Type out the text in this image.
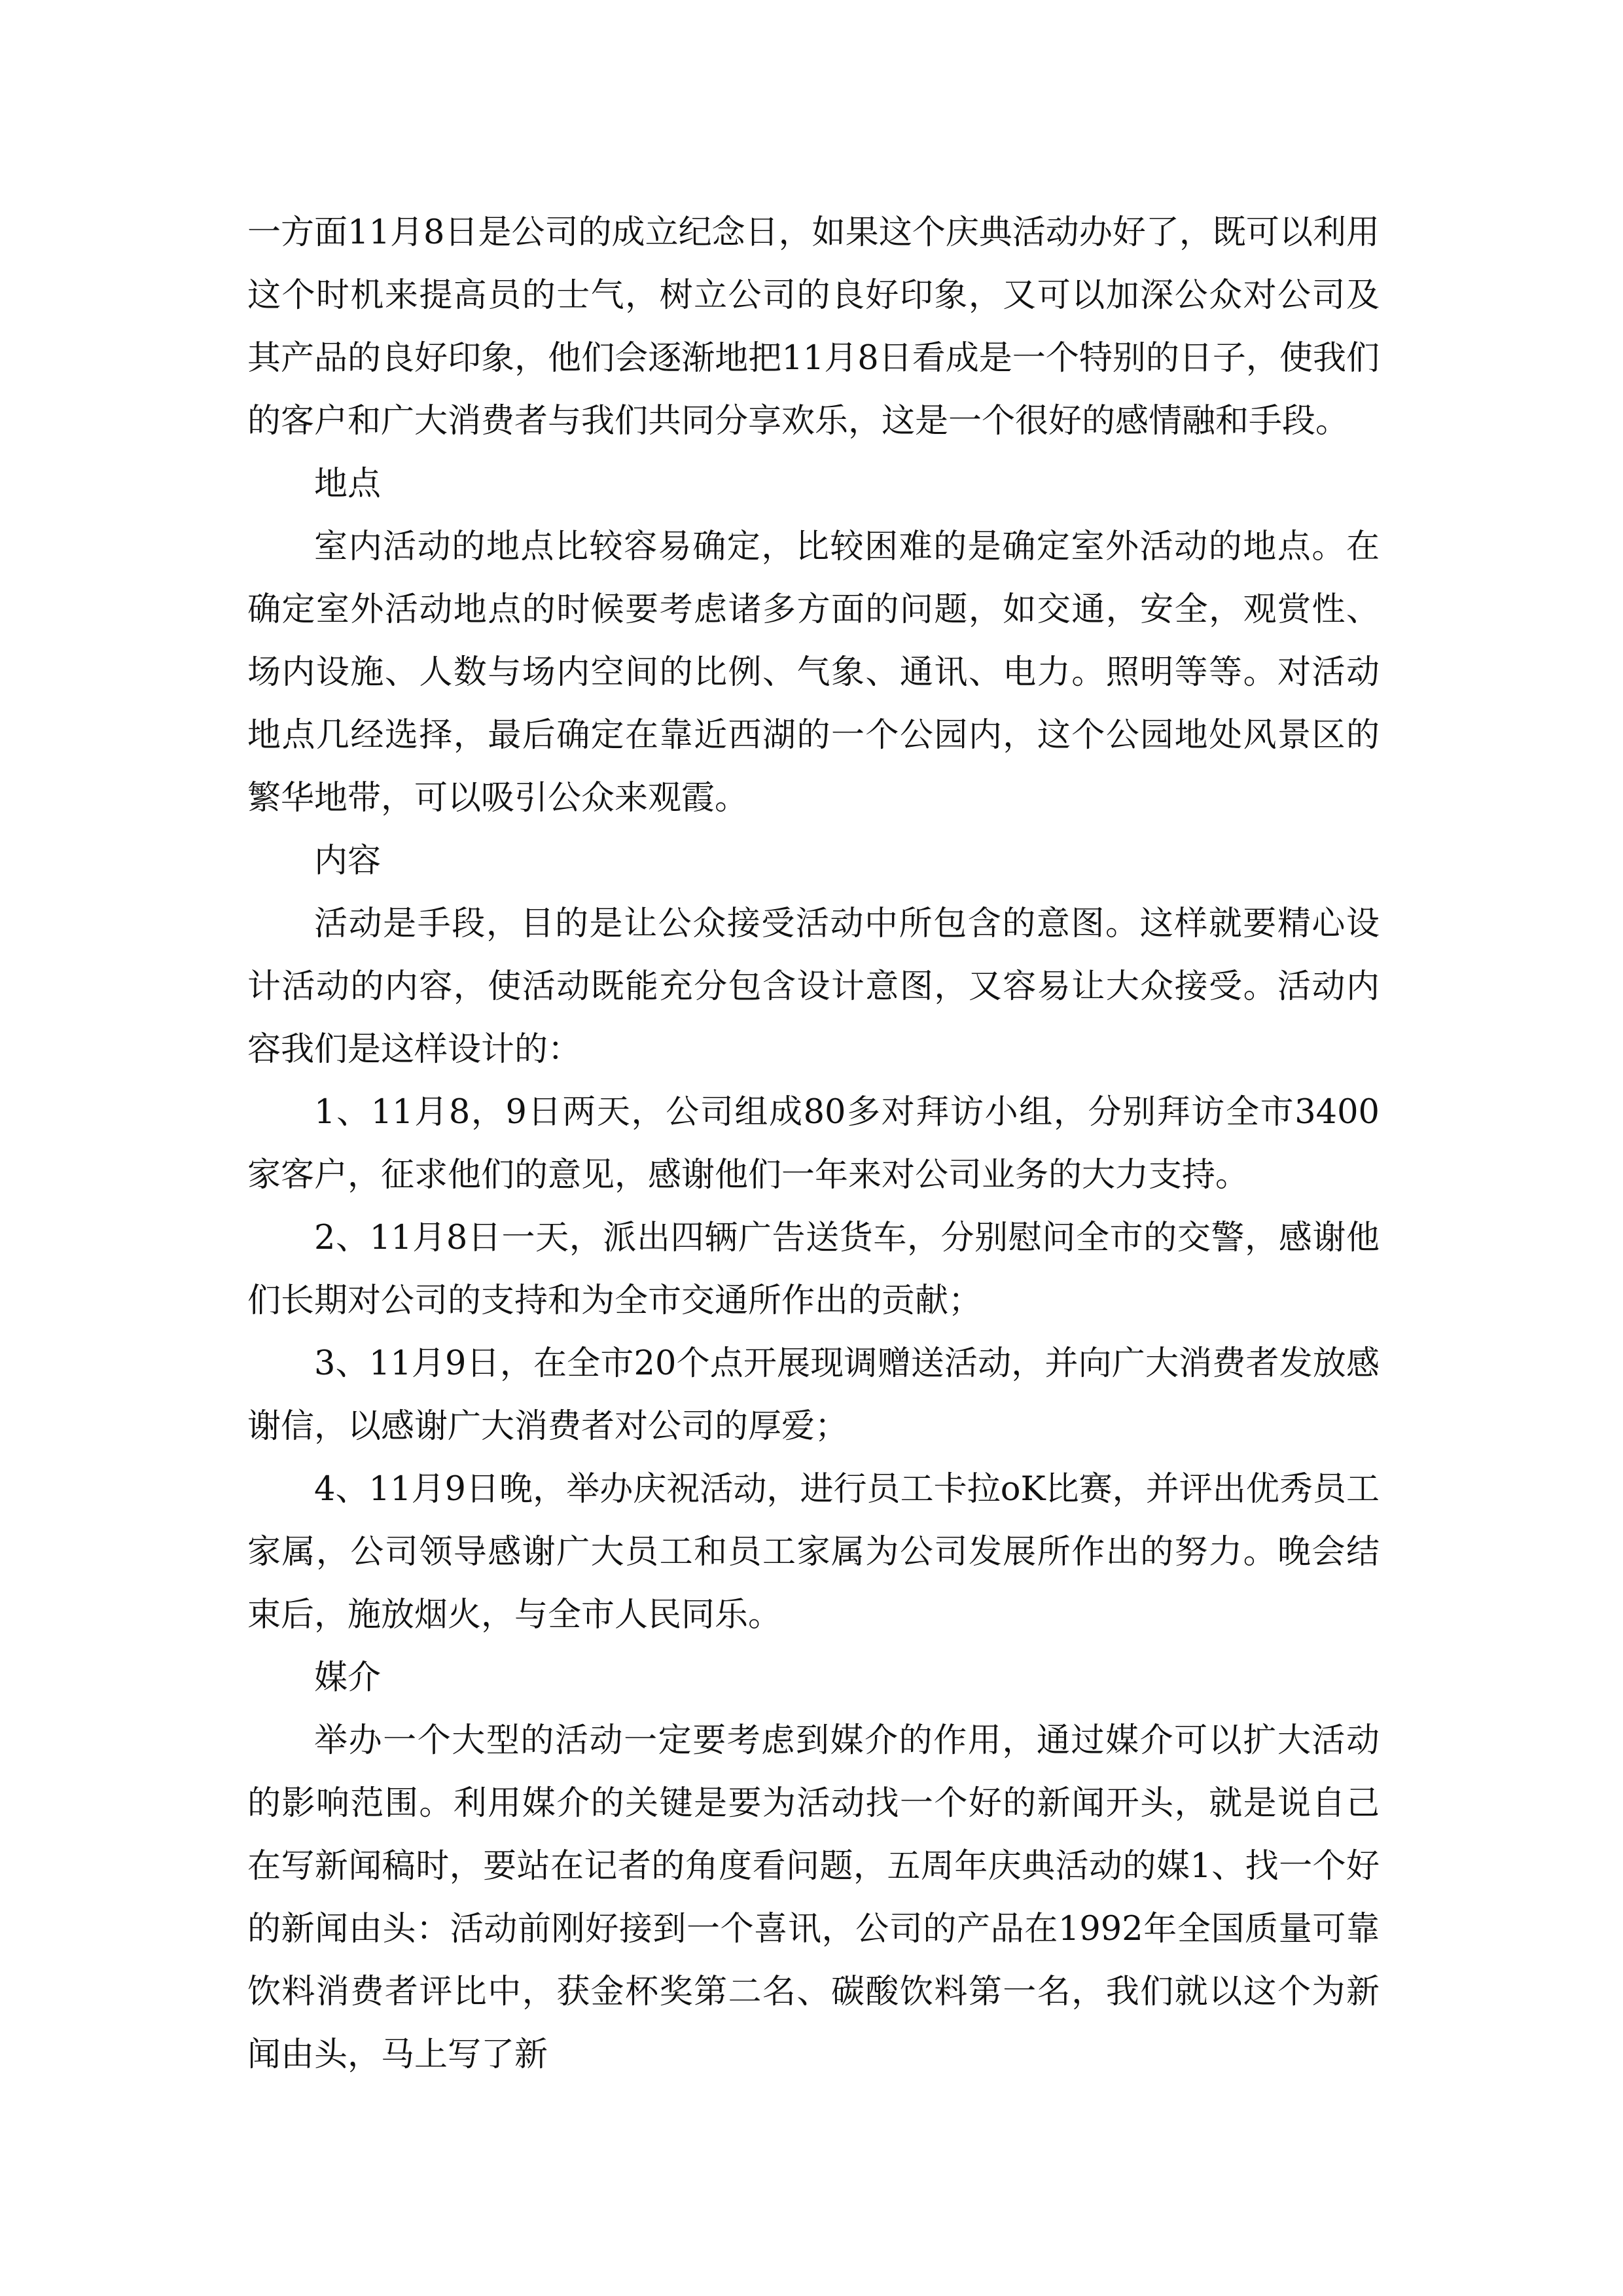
一方面11月8日是公司的成立纪念日，如果这个庆典活动办好了，既可以利用这个时机来提高员的士气，树立公司的良好印象，又可以加深公众对公司及其产品的良好印象，他们会逐渐地把11月8日看成是一个特别的日子，使我们的客户和广大消费者与我们共同分享欢乐，这是一个很好的感情融和手段。

地点

室内活动的地点比较容易确定，比较困难的是确定室外活动的地点。在确定室外活动地点的时候要考虑诸多方面的问题，如交通，安全，观赏性、场内设施、人数与场内空间的比例、气象、通讯、电力。照明等等。对活动地点几经选择，最后确定在靠近西湖的一个公园内，这个公园地处风景区的繁华地带，可以吸引公众来观霞。

内容

活动是手段，目的是让公众接受活动中所包含的意图。这样就要精心设计活动的内容，使活动既能充分包含设计意图，又容易让大众接受。活动内容我们是这样设计的：

1、11月8，9日两天，公司组成80多对拜访小组，分别拜访全市3400家客户，征求他们的意见，感谢他们一年来对公司业务的大力支持。

2、11月8日一天，派出四辆广告送货车，分别慰问全市的交警，感谢他们长期对公司的支持和为全市交通所作出的贡献；

3、11月9日，在全市20个点开展现调赠送活动，并向广大消费者发放感谢信，以感谢广大消费者对公司的厚爱；

4、11月9日晚，举办庆祝活动，进行员工卡拉oK比赛，并评出优秀员工家属，公司领导感谢广大员工和员工家属为公司发展所作出的努力。晚会结束后，施放烟火，与全市人民同乐。

媒介

举办一个大型的活动一定要考虑到媒介的作用，通过媒介可以扩大活动的影响范围。利用媒介的关键是要为活动找一个好的新闻开头，就是说自己在写新闻稿时，要站在记者的角度看问题，五周年庆典活动的媒1、找一个好的新闻由头：活动前刚好接到一个喜讯，公司的产品在1992年全国质量可靠饮料消费者评比中，获金杯奖第二名、碳酸饮料第一名，我们就以这个为新闻由头，马上写了新
